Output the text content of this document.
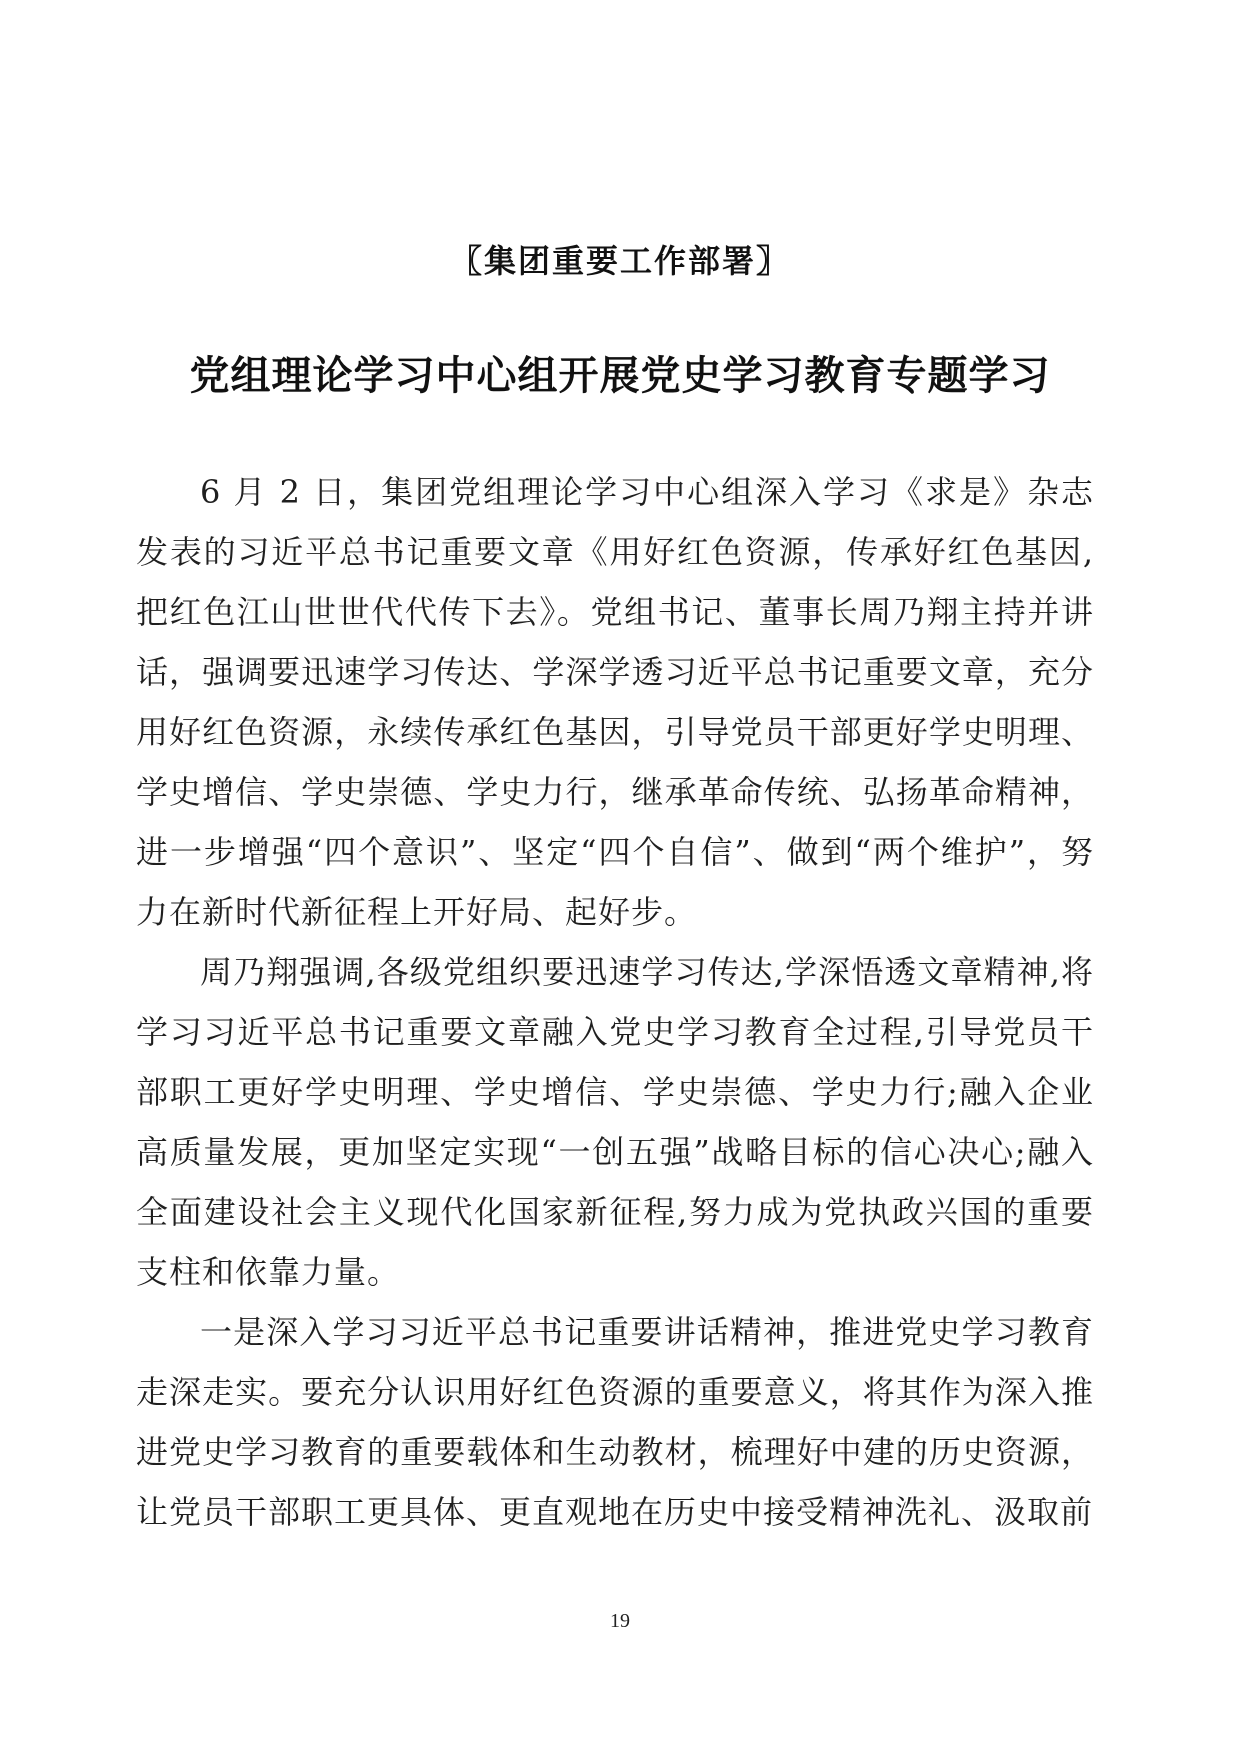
〖集团重要工作部署〗
党组理论学习中心组开展党史学习教育专题学习

6 月 2 日，集团党组理论学习中心组深入学习《求是》杂志发表的习近平总书记重要文章《用好红色资源，传承好红色基因,把红色江山世世代代传下去》。党组书记、董事长周乃翔主持并讲话，强调要迅速学习传达、学深学透习近平总书记重要文章，充分用好红色资源，永续传承红色基因，引导党员干部更好学史明理、学史增信、学史崇德、学史力行，继承革命传统、弘扬革命精神，进一步增强“四个意识”、坚定“四个自信”、做到“两个维护”，努力在新时代新征程上开好局、起好步。

周乃翔强调,各级党组织要迅速学习传达,学深悟透文章精神,将学习习近平总书记重要文章融入党史学习教育全过程,引导党员干部职工更好学史明理、学史增信、学史崇德、学史力行;融入企业高质量发展，更加坚定实现“一创五强”战略目标的信心决心;融入全面建设社会主义现代化国家新征程,努力成为党执政兴国的重要支柱和依靠力量。

一是深入学习习近平总书记重要讲话精神，推进党史学习教育走深走实。要充分认识用好红色资源的重要意义，将其作为深入推进党史学习教育的重要载体和生动教材，梳理好中建的历史资源，让党员干部职工更具体、更直观地在历史中接受精神洗礼、汲取前

19
